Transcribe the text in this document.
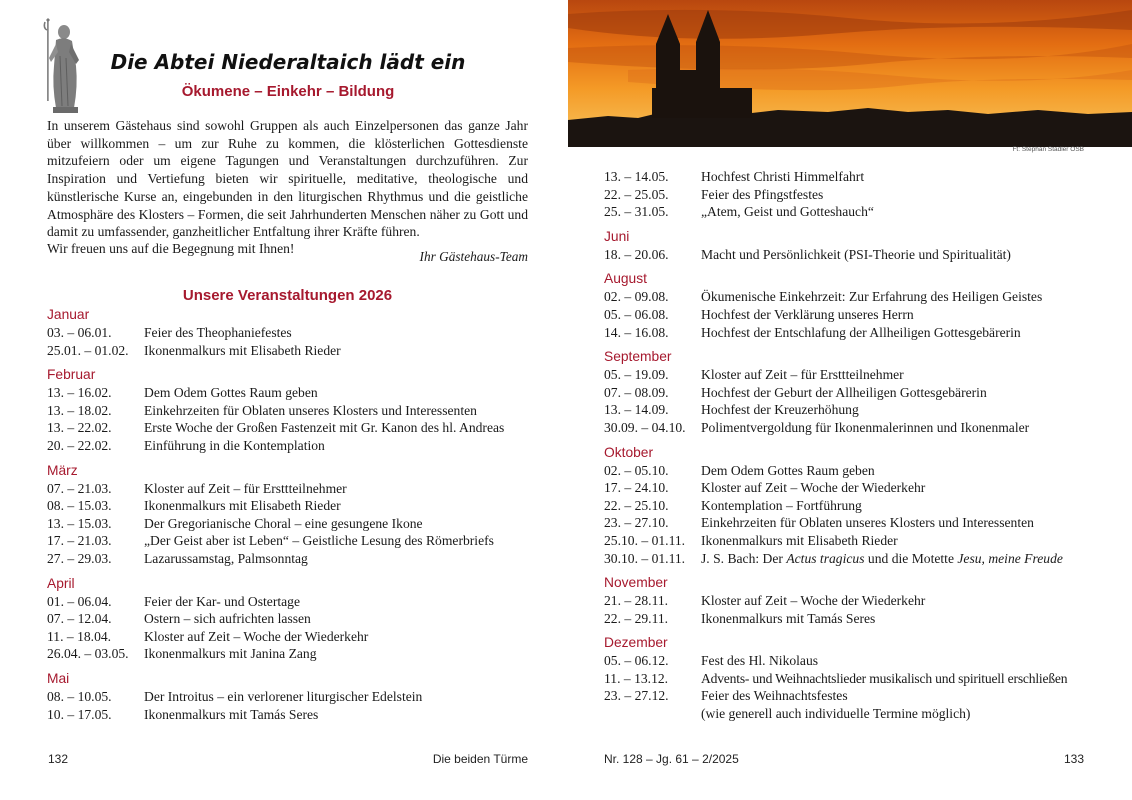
Die Abtei Niederaltaich lädt ein
Ökumene – Einkehr – Bildung

In unserem Gästehaus sind sowohl Gruppen als auch Einzelpersonen das ganze Jahr über willkommen – um zur Ruhe zu kommen, die klösterlichen Gottesdienste mitzufeiern oder um eigene Tagungen und Veranstaltungen durchzuführen. Zur Inspiration und Vertiefung bieten wir spirituelle, meditative, theologische und künstlerische Kurse an, eingebunden in den liturgischen Rhythmus und die geistliche Atmosphäre des Klosters – Formen, die seit Jahrhunderten Menschen näher zu Gott und damit zu umfassender, ganzheitlicher Entfaltung ihrer Kräfte führen.

Wir freuen uns auf die Begegnung mit Ihnen!
Ihr Gästehaus-Team
Unsere Veranstaltungen 2026
Januar
03. – 06.01.	Feier des Theophaniefestes
25.01. – 01.02.	Ikonenmalkurs mit Elisabeth Rieder
Februar
13. – 16.02.	Dem Odem Gottes Raum geben
13. – 18.02.	Einkehrzeiten für Oblaten unseres Klosters und Interessenten
13. – 22.02.	Erste Woche der Großen Fastenzeit mit Gr. Kanon des hl. Andreas
20. – 22.02.	Einführung in die Kontemplation
März
07. – 21.03.	Kloster auf Zeit – für Ersttteilnehmer
08. – 15.03.	Ikonenmalkurs mit Elisabeth Rieder
13. – 15.03.	Der Gregorianische Choral – eine gesungene Ikone
17. – 21.03.	„Der Geist aber ist Leben“ – Geistliche Lesung des Römerbriefs
27. – 29.03.	Lazarussamstag, Palmsonntag
April
01. – 06.04.	Feier der Kar- und Ostertage
07. – 12.04.	Ostern – sich aufrichten lassen
11. – 18.04.	Kloster auf Zeit – Woche der Wiederkehr
26.04. – 03.05.	Ikonenmalkurs mit Janina Zang
Mai
08. – 10.05.	Der Introitus – ein verlorener liturgischer Edelstein
10. – 17.05.	Ikonenmalkurs mit Tamás Seres
132	Die beiden Türme
Ft: Stephan Stadler OSB
13. – 14.05.	Hochfest Christi Himmelfahrt
22. – 25.05.	Feier des Pfingstfestes
25. – 31.05.	„Atem, Geist und Gotteshauch“
Juni
18. – 20.06.	Macht und Persönlichkeit (PSI-Theorie und Spiritualität)
August
02. – 09.08.	Ökumenische Einkehrzeit: Zur Erfahrung des Heiligen Geistes
05. – 06.08.	Hochfest der Verklärung unseres Herrn
14. – 16.08.	Hochfest der Entschlafung der Allheiligen Gottesgebärerin
September
05. – 19.09.	Kloster auf Zeit – für Ersttteilnehmer
07. – 08.09.	Hochfest der Geburt der Allheiligen Gottesgebärerin
13. – 14.09.	Hochfest der Kreuzerhöhung
30.09. – 04.10.	Polimentvergoldung für Ikonenmalerinnen und Ikonenmaler
Oktober
02. – 05.10.	Dem Odem Gottes Raum geben
17. – 24.10.	Kloster auf Zeit – Woche der Wiederkehr
22. – 25.10.	Kontemplation – Fortführung
23. – 27.10.	Einkehrzeiten für Oblaten unseres Klosters und Interessenten
25.10. – 01.11.	Ikonenmalkurs mit Elisabeth Rieder
30.10. – 01.11.	J. S. Bach: Der Actus tragicus und die Motette Jesu, meine Freude
November
21. – 28.11.	Kloster auf Zeit – Woche der Wiederkehr
22. – 29.11.	Ikonenmalkurs mit Tamás Seres
Dezember
05. – 06.12.	Fest des Hl. Nikolaus
11. – 13.12.	Advents- und Weihnachtslieder musikalisch und spirituell erschließen
23. – 27.12.	Feier des Weihnachtsfestes
(wie generell auch individuelle Termine möglich)
Nr. 128 – Jg. 61 – 2/2025	133
